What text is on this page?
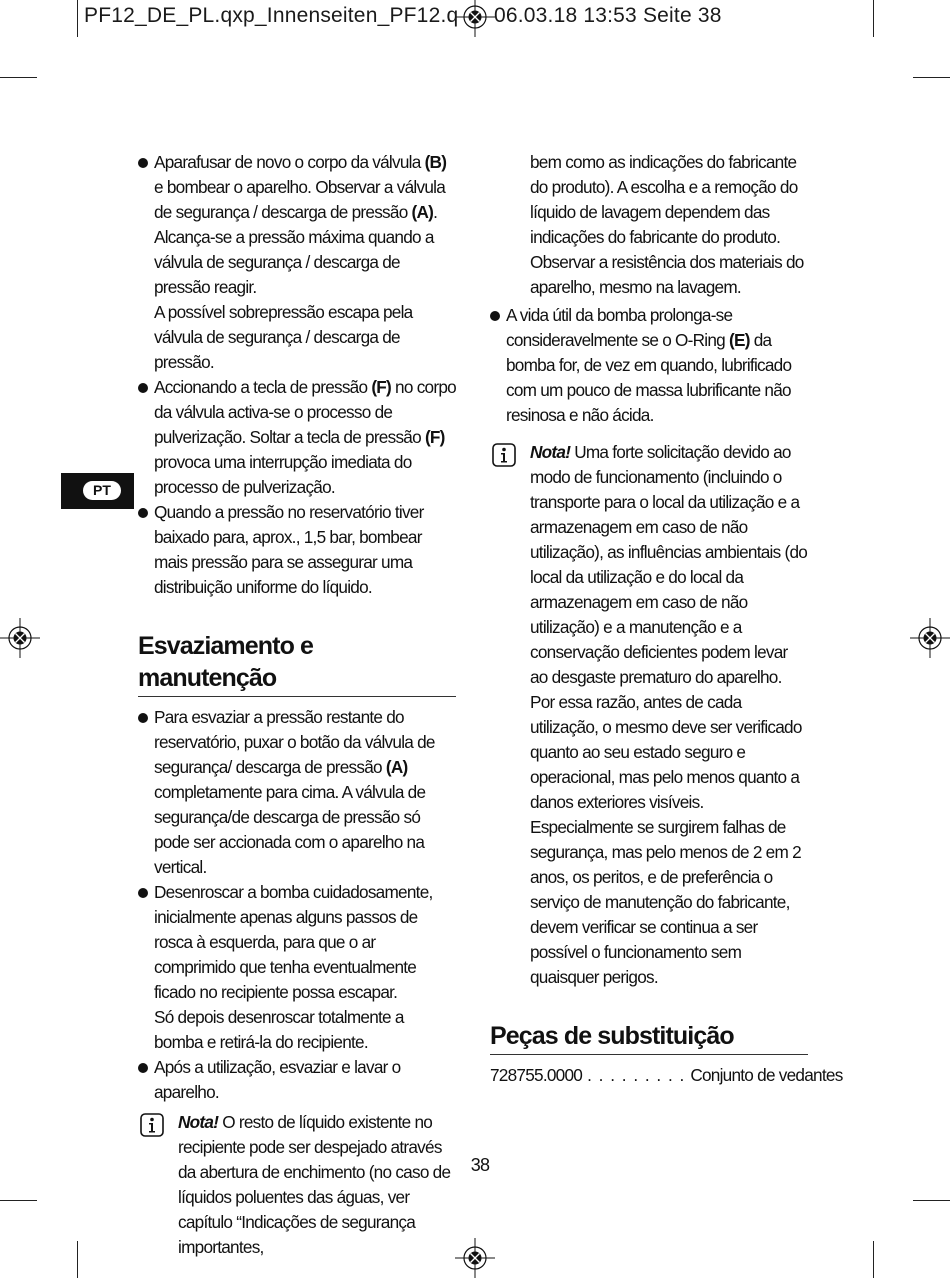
PF12_DE_PL.qxp_Innenseiten_PF12.q 06.03.18 13:53 Seite 38
PT
Aparafusar de novo o corpo da válvula (B) e bombear o aparelho. Observar a válvula de segurança / descarga de pressão (A). Alcança-se a pressão máxima quando a válvula de segurança / descarga de pressão reagir.

A possível sobrepressão escapa pela válvula de segurança / descarga de pressão.

Accionando a tecla de pressão (F) no corpo da válvula activa-se o processo de pulverização. Soltar a tecla de pressão (F) provoca uma interrupção imediata do processo de pulverização.
Quando a pressão no reservatório tiver baixado para, aprox., 1,5 bar, bombear mais pressão para se assegurar uma distribuição uniforme do líquido.
Esvaziamento e manutenção
Para esvaziar a pressão restante do reservatório, puxar o botão da válvula de segurança/ descarga de pressão (A) completamente para cima. A válvula de segurança/de descarga de pressão só pode ser accionada com o aparelho na vertical.
Desenroscar a bomba cuidadosamente, inicialmente apenas alguns passos de rosca à esquerda, para que o ar comprimido que tenha eventualmente ficado no recipiente possa escapar.

Só depois desenroscar totalmente a bomba e retirá-la do recipiente.

Após a utilização, esvaziar e lavar o aparelho.
Nota! O resto de líquido existente no recipiente pode ser despejado através da abertura de enchimento (no caso de líquidos poluentes das águas, ver capítulo “Indicações de segurança importantes,

bem como as indicações do fabricante do produto). A escolha e a remoção do líquido de lavagem dependem das indicações do fabricante do produto.

Observar a resistência dos materiais do aparelho, mesmo na lavagem.

A vida útil da bomba prolonga-se consideravelmente se o O-Ring (E) da bomba for, de vez em quando, lubrificado com um pouco de massa lubrificante não resinosa e não ácida.
Nota! Uma forte solicitação devido ao modo de funcionamento (incluindo o transporte para o local da utilização e a armazenagem em caso de não utilização), as influências ambientais (do local da utilização e do local da armazenagem em caso de não utilização) e a manutenção e a conservação deficientes podem levar ao desgaste prematuro do aparelho. Por essa razão, antes de cada utilização, o mesmo deve ser verificado quanto ao seu estado seguro e operacional, mas pelo menos quanto a danos exteriores visíveis. Especialmente se surgirem falhas de segurança, mas pelo menos de 2 em 2 anos, os peritos, e de preferência o serviço de manutenção do fabricante, devem verificar se continua a ser possível o funcionamento sem quaisquer perigos.
Peças de substituição
728755.0000 . . . . . . . . . Conjunto de vedantes
38
